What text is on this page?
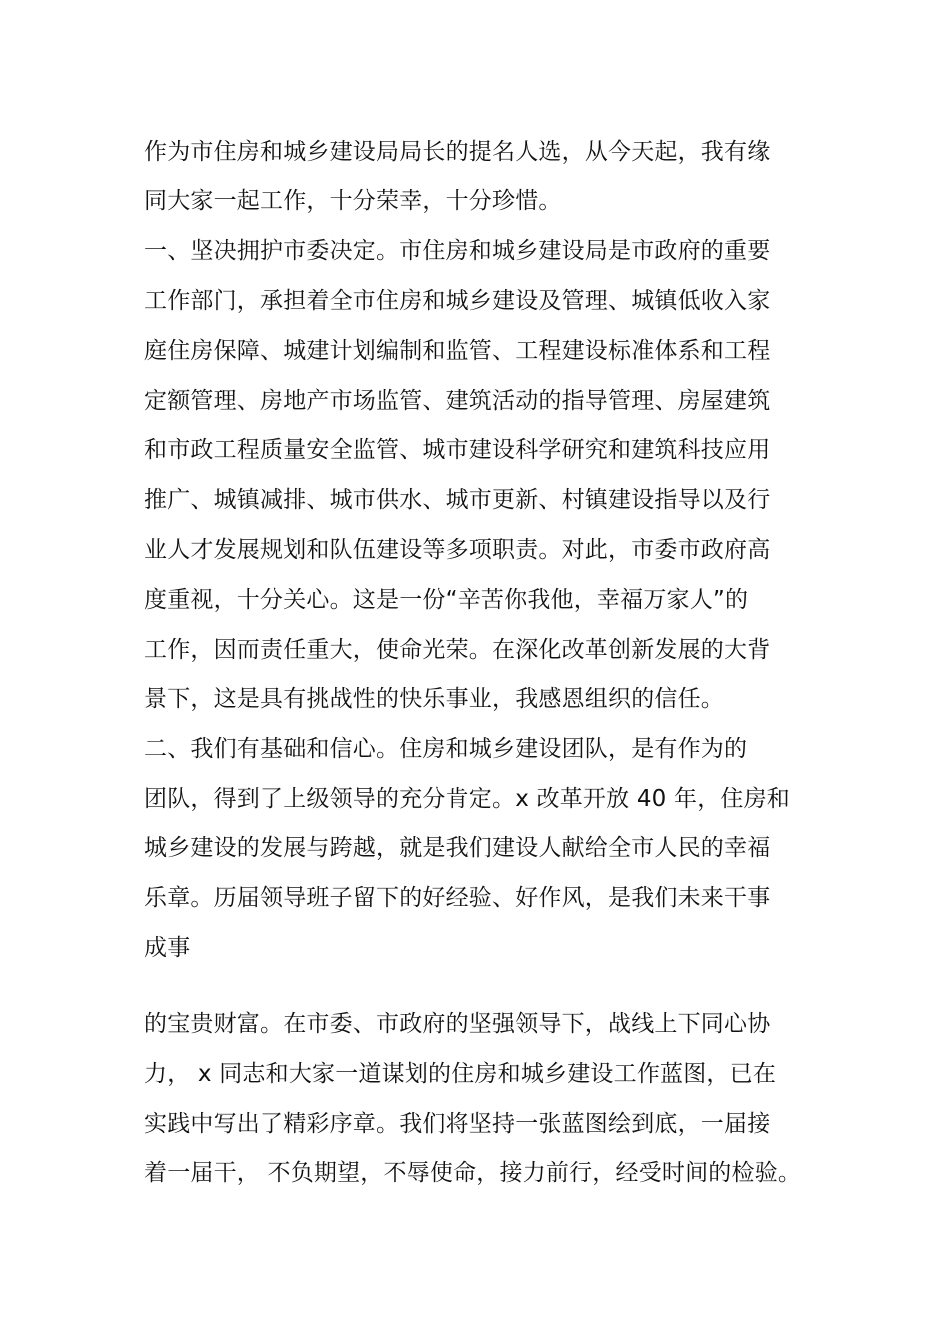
作为市住房和城乡建设局局长的提名人选，从今天起，我有缘
同大家一起工作，十分荣幸，十分珍惜。
一、坚决拥护市委决定。市住房和城乡建设局是市政府的重要
工作部门，承担着全市住房和城乡建设及管理、城镇低收入家
庭住房保障、城建计划编制和监管、工程建设标准体系和工程
定额管理、房地产市场监管、建筑活动的指导管理、房屋建筑
和市政工程质量安全监管、城市建设科学研究和建筑科技应用
推广、城镇减排、城市供水、城市更新、村镇建设指导以及行
业人才发展规划和队伍建设等多项职责。对此，市委市政府高
度重视，十分关心。这是一份“辛苦你我他，幸福万家人”的
工作，因而责任重大，使命光荣。在深化改革创新发展的大背
景下，这是具有挑战性的快乐事业，我感恩组织的信任。
二、我们有基础和信心。住房和城乡建设团队，是有作为的
团队，得到了上级领导的充分肯定。x 改革开放 40 年，住房和
城乡建设的发展与跨越，就是我们建设人献给全市人民的幸福
乐章。历届领导班子留下的好经验、好作风，是我们未来干事
成事
的宝贵财富。在市委、市政府的坚强领导下，战线上下同心协
力， x 同志和大家一道谋划的住房和城乡建设工作蓝图，已在
实践中写出了精彩序章。我们将坚持一张蓝图绘到底，一届接
着一届干， 不负期望，不辱使命，接力前行，经受时间的检验。
